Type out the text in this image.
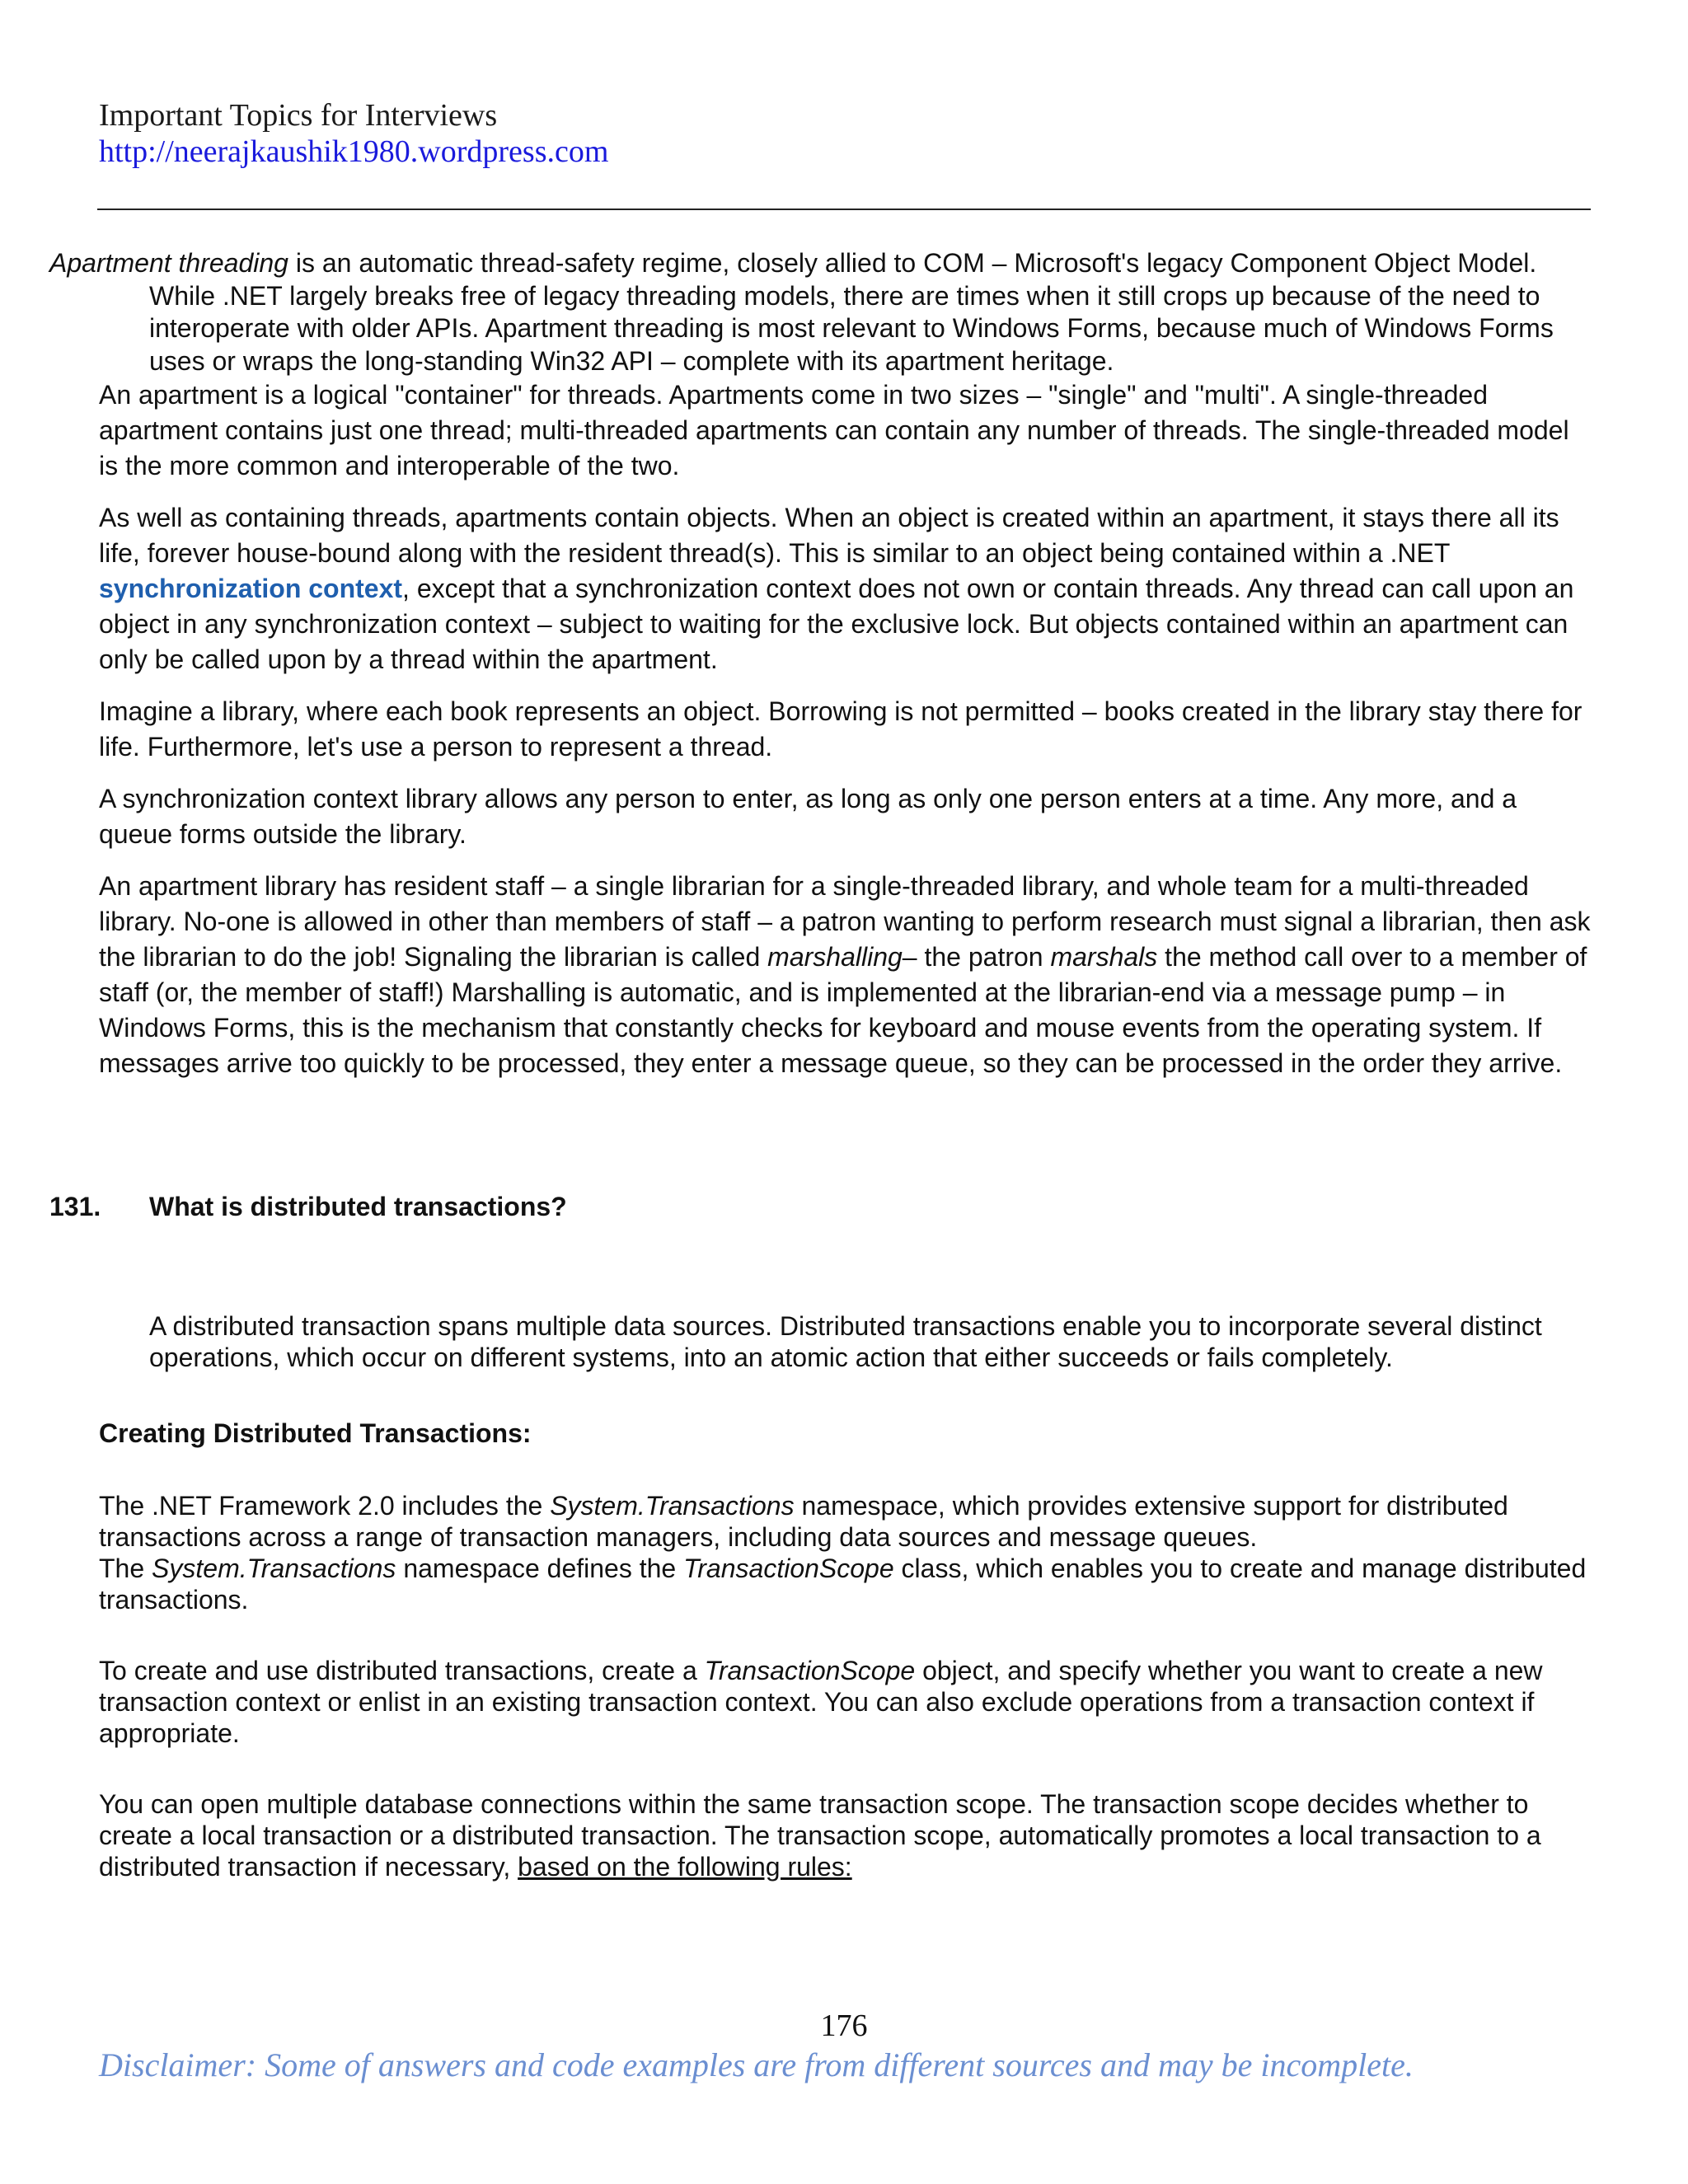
Important Topics for Interviews
http://neerajkaushik1980.wordpress.com

Apartment threading is an automatic thread-safety regime, closely allied to COM – Microsoft's legacy Component Object Model. While .NET largely breaks free of legacy threading models, there are times when it still crops up because of the need to interoperate with older APIs. Apartment threading is most relevant to Windows Forms, because much of Windows Forms uses or wraps the long-standing Win32 API – complete with its apartment heritage.

An apartment is a logical "container" for threads. Apartments come in two sizes – "single" and "multi". A single-threaded apartment contains just one thread; multi-threaded apartments can contain any number of threads. The single-threaded model is the more common and interoperable of the two.

As well as containing threads, apartments contain objects. When an object is created within an apartment, it stays there all its life, forever house-bound along with the resident thread(s). This is similar to an object being contained within a .NET synchronization context, except that a synchronization context does not own or contain threads. Any thread can call upon an object in any synchronization context – subject to waiting for the exclusive lock. But objects contained within an apartment can only be called upon by a thread within the apartment.

Imagine a library, where each book represents an object. Borrowing is not permitted – books created in the library stay there for life. Furthermore, let's use a person to represent a thread.

A synchronization context library allows any person to enter, as long as only one person enters at a time. Any more, and a queue forms outside the library.

An apartment library has resident staff – a single librarian for a single-threaded library, and whole team for a multi-threaded library. No-one is allowed in other than members of staff – a patron wanting to perform research must signal a librarian, then ask the librarian to do the job! Signaling the librarian is called marshalling– the patron marshals the method call over to a member of staff (or, the member of staff!) Marshalling is automatic, and is implemented at the librarian-end via a message pump – in Windows Forms, this is the mechanism that constantly checks for keyboard and mouse events from the operating system. If messages arrive too quickly to be processed, they enter a message queue, so they can be processed in the order they arrive.

131. What is distributed transactions?

A distributed transaction spans multiple data sources. Distributed transactions enable you to incorporate several distinct operations, which occur on different systems, into an atomic action that either succeeds or fails completely.

Creating Distributed Transactions:

The .NET Framework 2.0 includes the System.Transactions namespace, which provides extensive support for distributed transactions across a range of transaction managers, including data sources and message queues.
The System.Transactions namespace defines the TransactionScope class, which enables you to create and manage distributed transactions.

To create and use distributed transactions, create a TransactionScope object, and specify whether you want to create a new transaction context or enlist in an existing transaction context. You can also exclude operations from a transaction context if appropriate.

You can open multiple database connections within the same transaction scope. The transaction scope decides whether to create a local transaction or a distributed transaction. The transaction scope, automatically promotes a local transaction to a distributed transaction if necessary, based on the following rules:

176
Disclaimer: Some of answers and code examples are from different sources and may be incomplete.
